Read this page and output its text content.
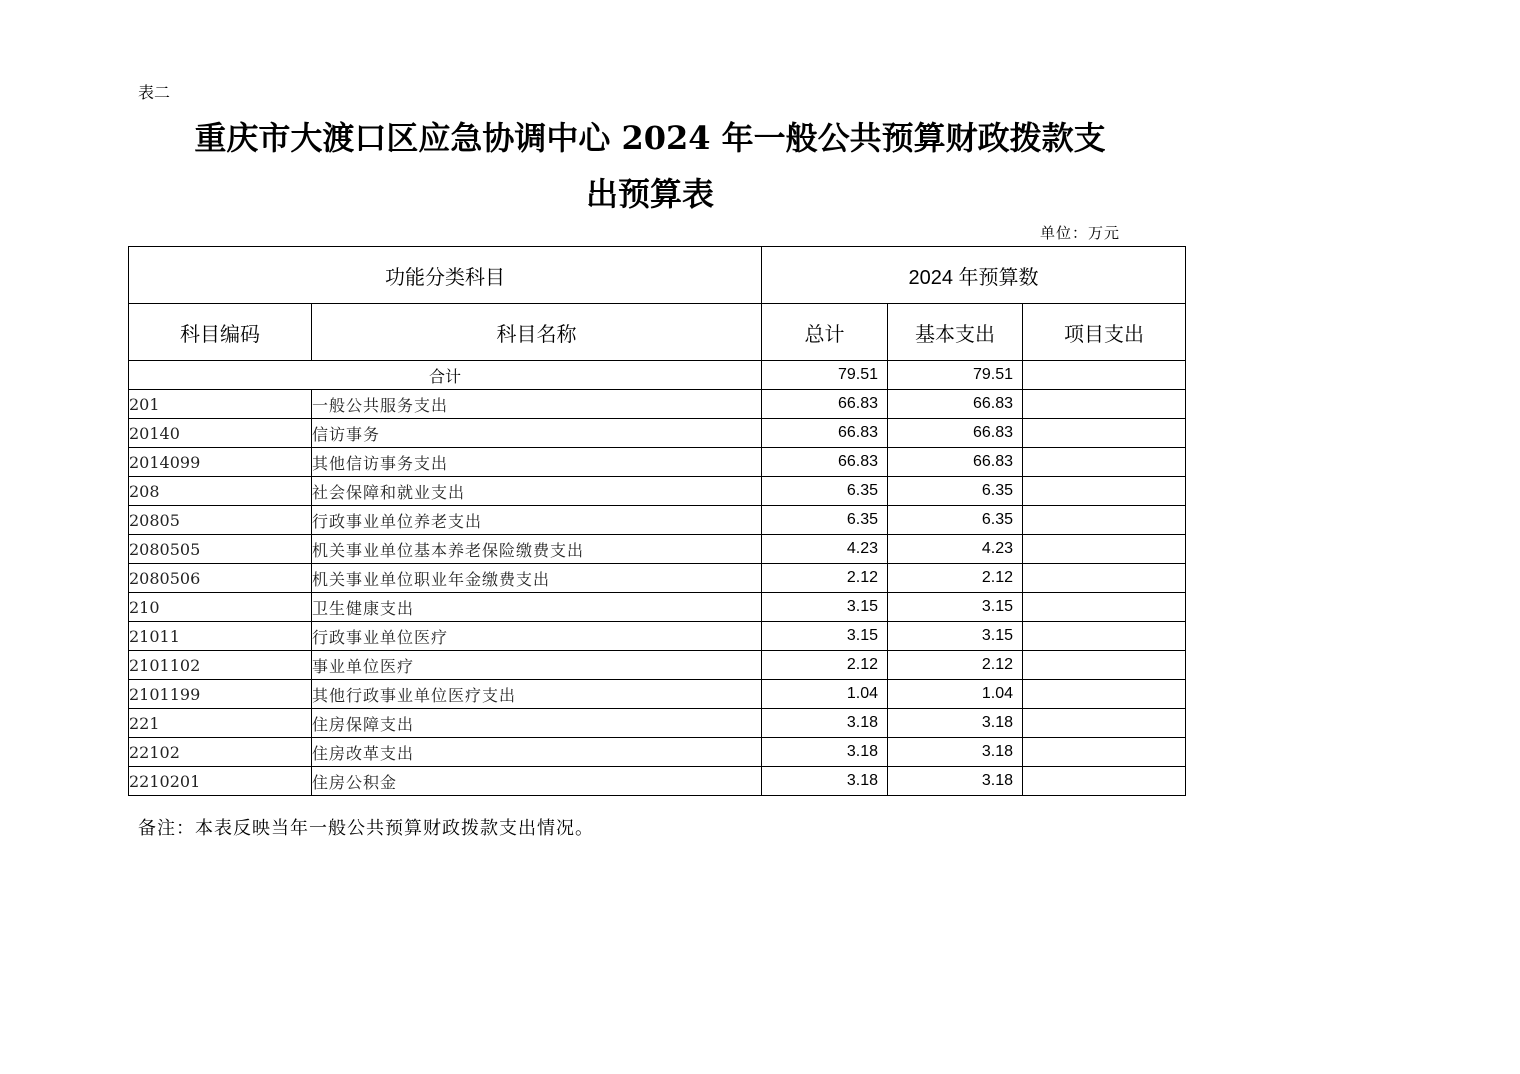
表二
重庆市大渡口区应急协调中心 2024 年一般公共预算财政拨款支
出预算表
单位：万元
功能分类科目		2024 年预算数		
科目编码	科目名称	总计	基本支出	项目支出
合计		79.51	79.51	
201	一般公共服务支出	66.83	66.83	
20140	信访事务	66.83	66.83	
2014099	其他信访事务支出	66.83	66.83	
208	社会保障和就业支出	6.35	6.35	
20805	行政事业单位养老支出	6.35	6.35	
2080505	机关事业单位基本养老保险缴费支出	4.23	4.23	
2080506	机关事业单位职业年金缴费支出	2.12	2.12	
210	卫生健康支出	3.15	3.15	
21011	行政事业单位医疗	3.15	3.15	
2101102	事业单位医疗	2.12	2.12	
2101199	其他行政事业单位医疗支出	1.04	1.04	
221	住房保障支出	3.18	3.18	
22102	住房改革支出	3.18	3.18	
2210201	住房公积金	3.18	3.18	
备注：本表反映当年一般公共预算财政拨款支出情况。
